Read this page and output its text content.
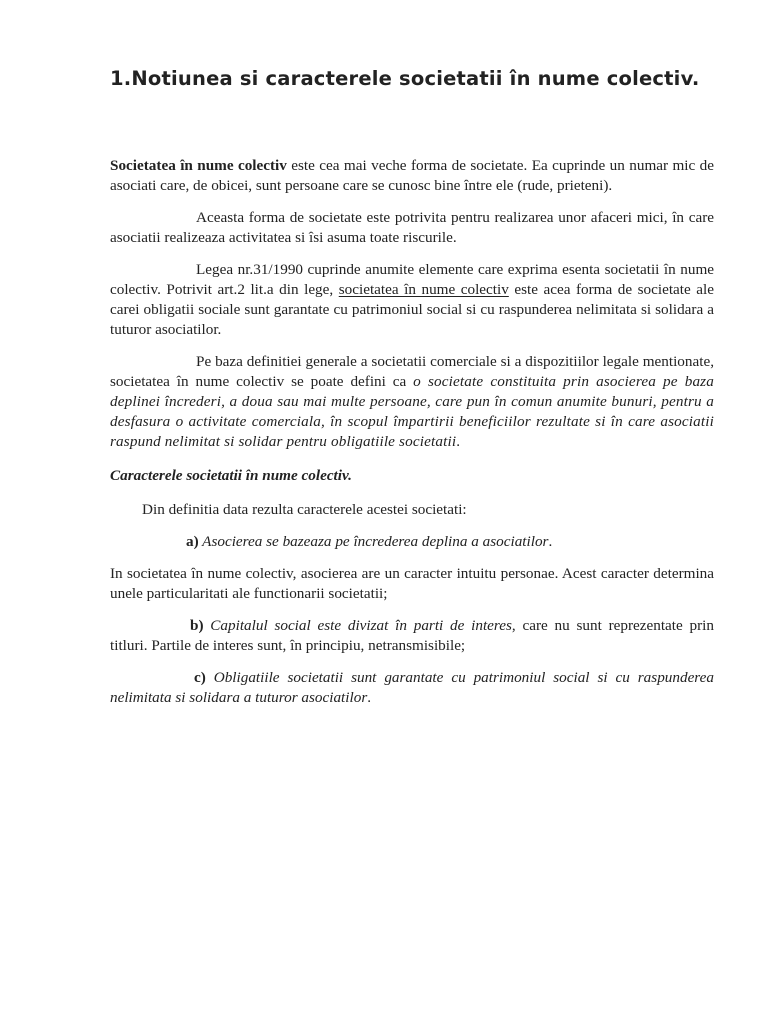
1.Notiunea si caracterele societatii în nume colectiv.

Societatea în nume colectiv este cea mai veche forma de societate. Ea cuprinde un numar mic de asociati care, de obicei, sunt persoane care se cunosc bine între ele (rude, prieteni).

Aceasta forma de societate este potrivita pentru realizarea unor afaceri mici, în care asociatii realizeaza activitatea si îsi asuma toate riscurile.

Legea nr.31/1990 cuprinde anumite elemente care exprima esenta societatii în nume colectiv. Potrivit art.2 lit.a din lege, societatea în nume colectiv este acea forma de societate ale carei obligatii sociale sunt garantate cu patrimoniul social si cu raspunderea nelimitata si solidara a tuturor asociatilor.

Pe baza definitiei generale a societatii comerciale si a dispozitiilor legale mentionate, societatea în nume colectiv se poate defini ca o societate constituita prin asocierea pe baza deplinei încrederi, a doua sau mai multe persoane, care pun în comun anumite bunuri, pentru a desfasura o activitate comerciala, în scopul împartirii beneficiilor rezultate si în care asociatii raspund nelimitat si solidar pentru obligatiile societatii.

Caracterele societatii în nume colectiv.

Din definitia data rezulta caracterele acestei societati:

a) Asocierea se bazeaza pe încrederea deplina a asociatilor.

In societatea în nume colectiv, asocierea are un caracter intuitu personae. Acest caracter determina unele particularitati ale functionarii societatii;

b) Capitalul social este divizat în parti de interes, care nu sunt reprezentate prin titluri. Partile de interes sunt, în principiu, netransmisibile;

c) Obligatiile societatii sunt garantate cu patrimoniul social si cu raspunderea nelimitata si solidara a tuturor asociatilor.
